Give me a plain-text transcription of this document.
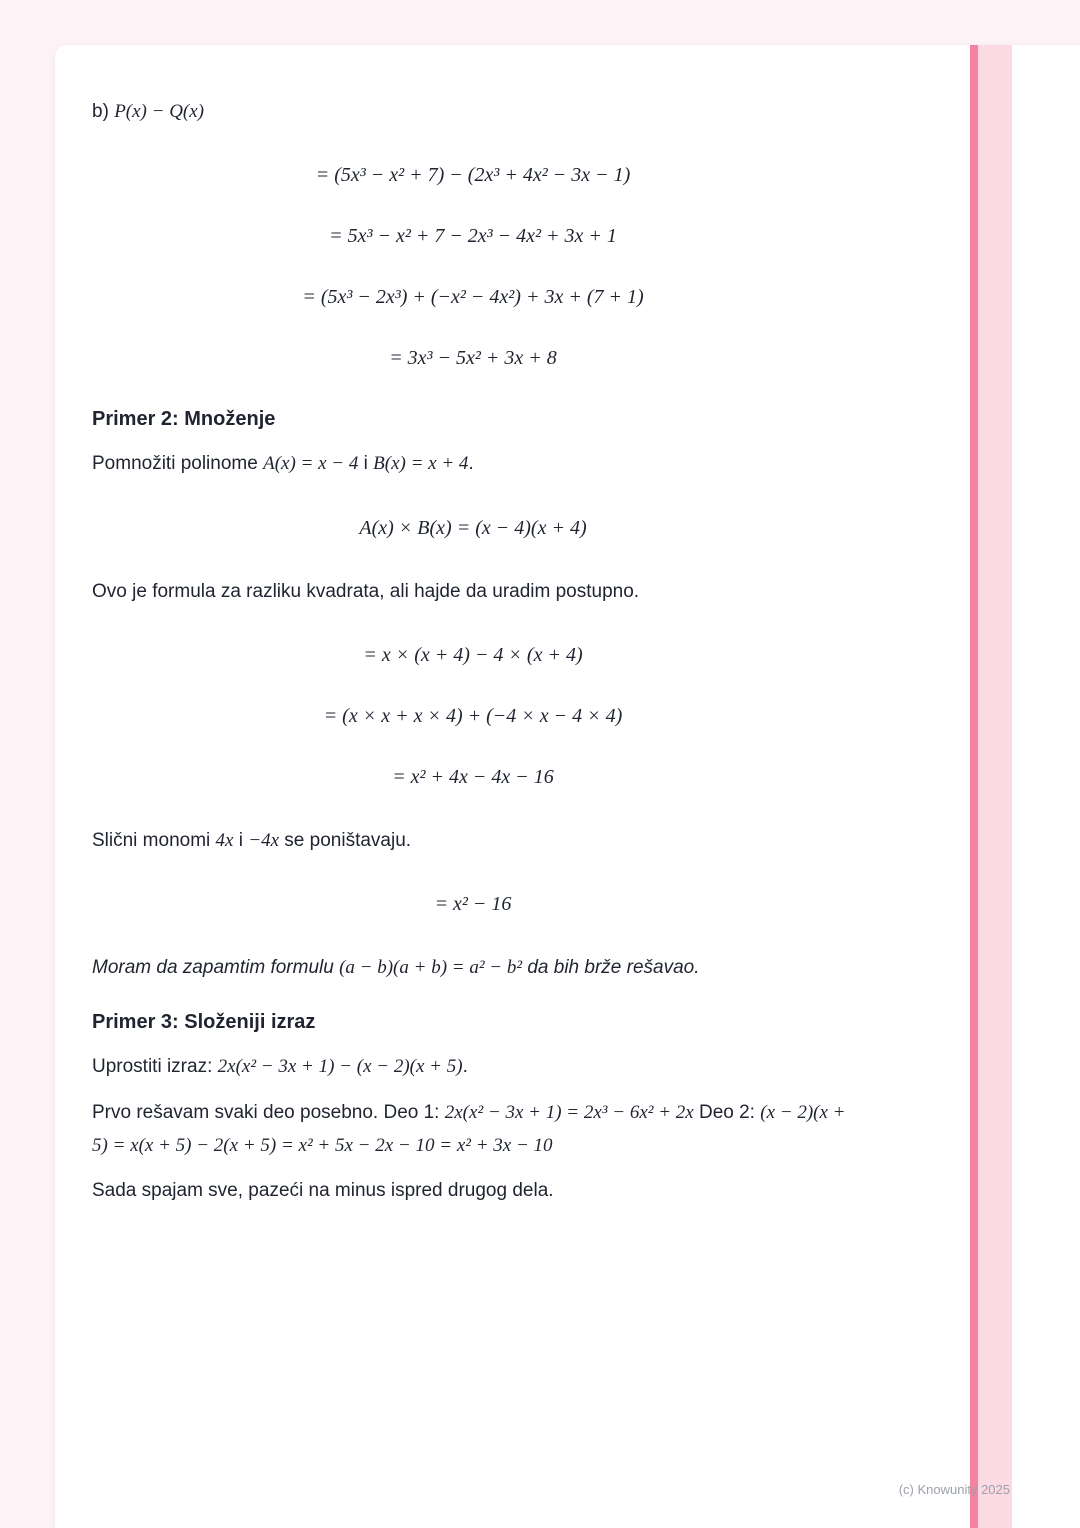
b) P(x) − Q(x)
= (5x³ − x² + 7) − (2x³ + 4x² − 3x − 1)
= 5x³ − x² + 7 − 2x³ − 4x² + 3x + 1
= (5x³ − 2x³) + (−x² − 4x²) + 3x + (7 + 1)
= 3x³ − 5x² + 3x + 8
Primer 2: Množenje
Pomnožiti polinome A(x) = x − 4 i B(x) = x + 4.
A(x) × B(x) = (x − 4)(x + 4)
Ovo je formula za razliku kvadrata, ali hajde da uradim postupno.
= x × (x + 4) − 4 × (x + 4)
= (x × x + x × 4) + (−4 × x − 4 × 4)
= x² + 4x − 4x − 16
Slični monomi 4x i −4x se poništavaju.
= x² − 16
Moram da zapamtim formulu (a − b)(a + b) = a² − b² da bih brže rešavao.
Primer 3: Složeniji izraz
Uprostiti izraz: 2x(x² − 3x + 1) − (x − 2)(x + 5).
Prvo rešavam svaki deo posebno. Deo 1: 2x(x² − 3x + 1) = 2x³ − 6x² + 2x Deo 2: (x − 2)(x + 5) = x(x + 5) − 2(x + 5) = x² + 5x − 2x − 10 = x² + 3x − 10
Sada spajam sve, pazeći na minus ispred drugog dela.
(c) Knowunity 2025
